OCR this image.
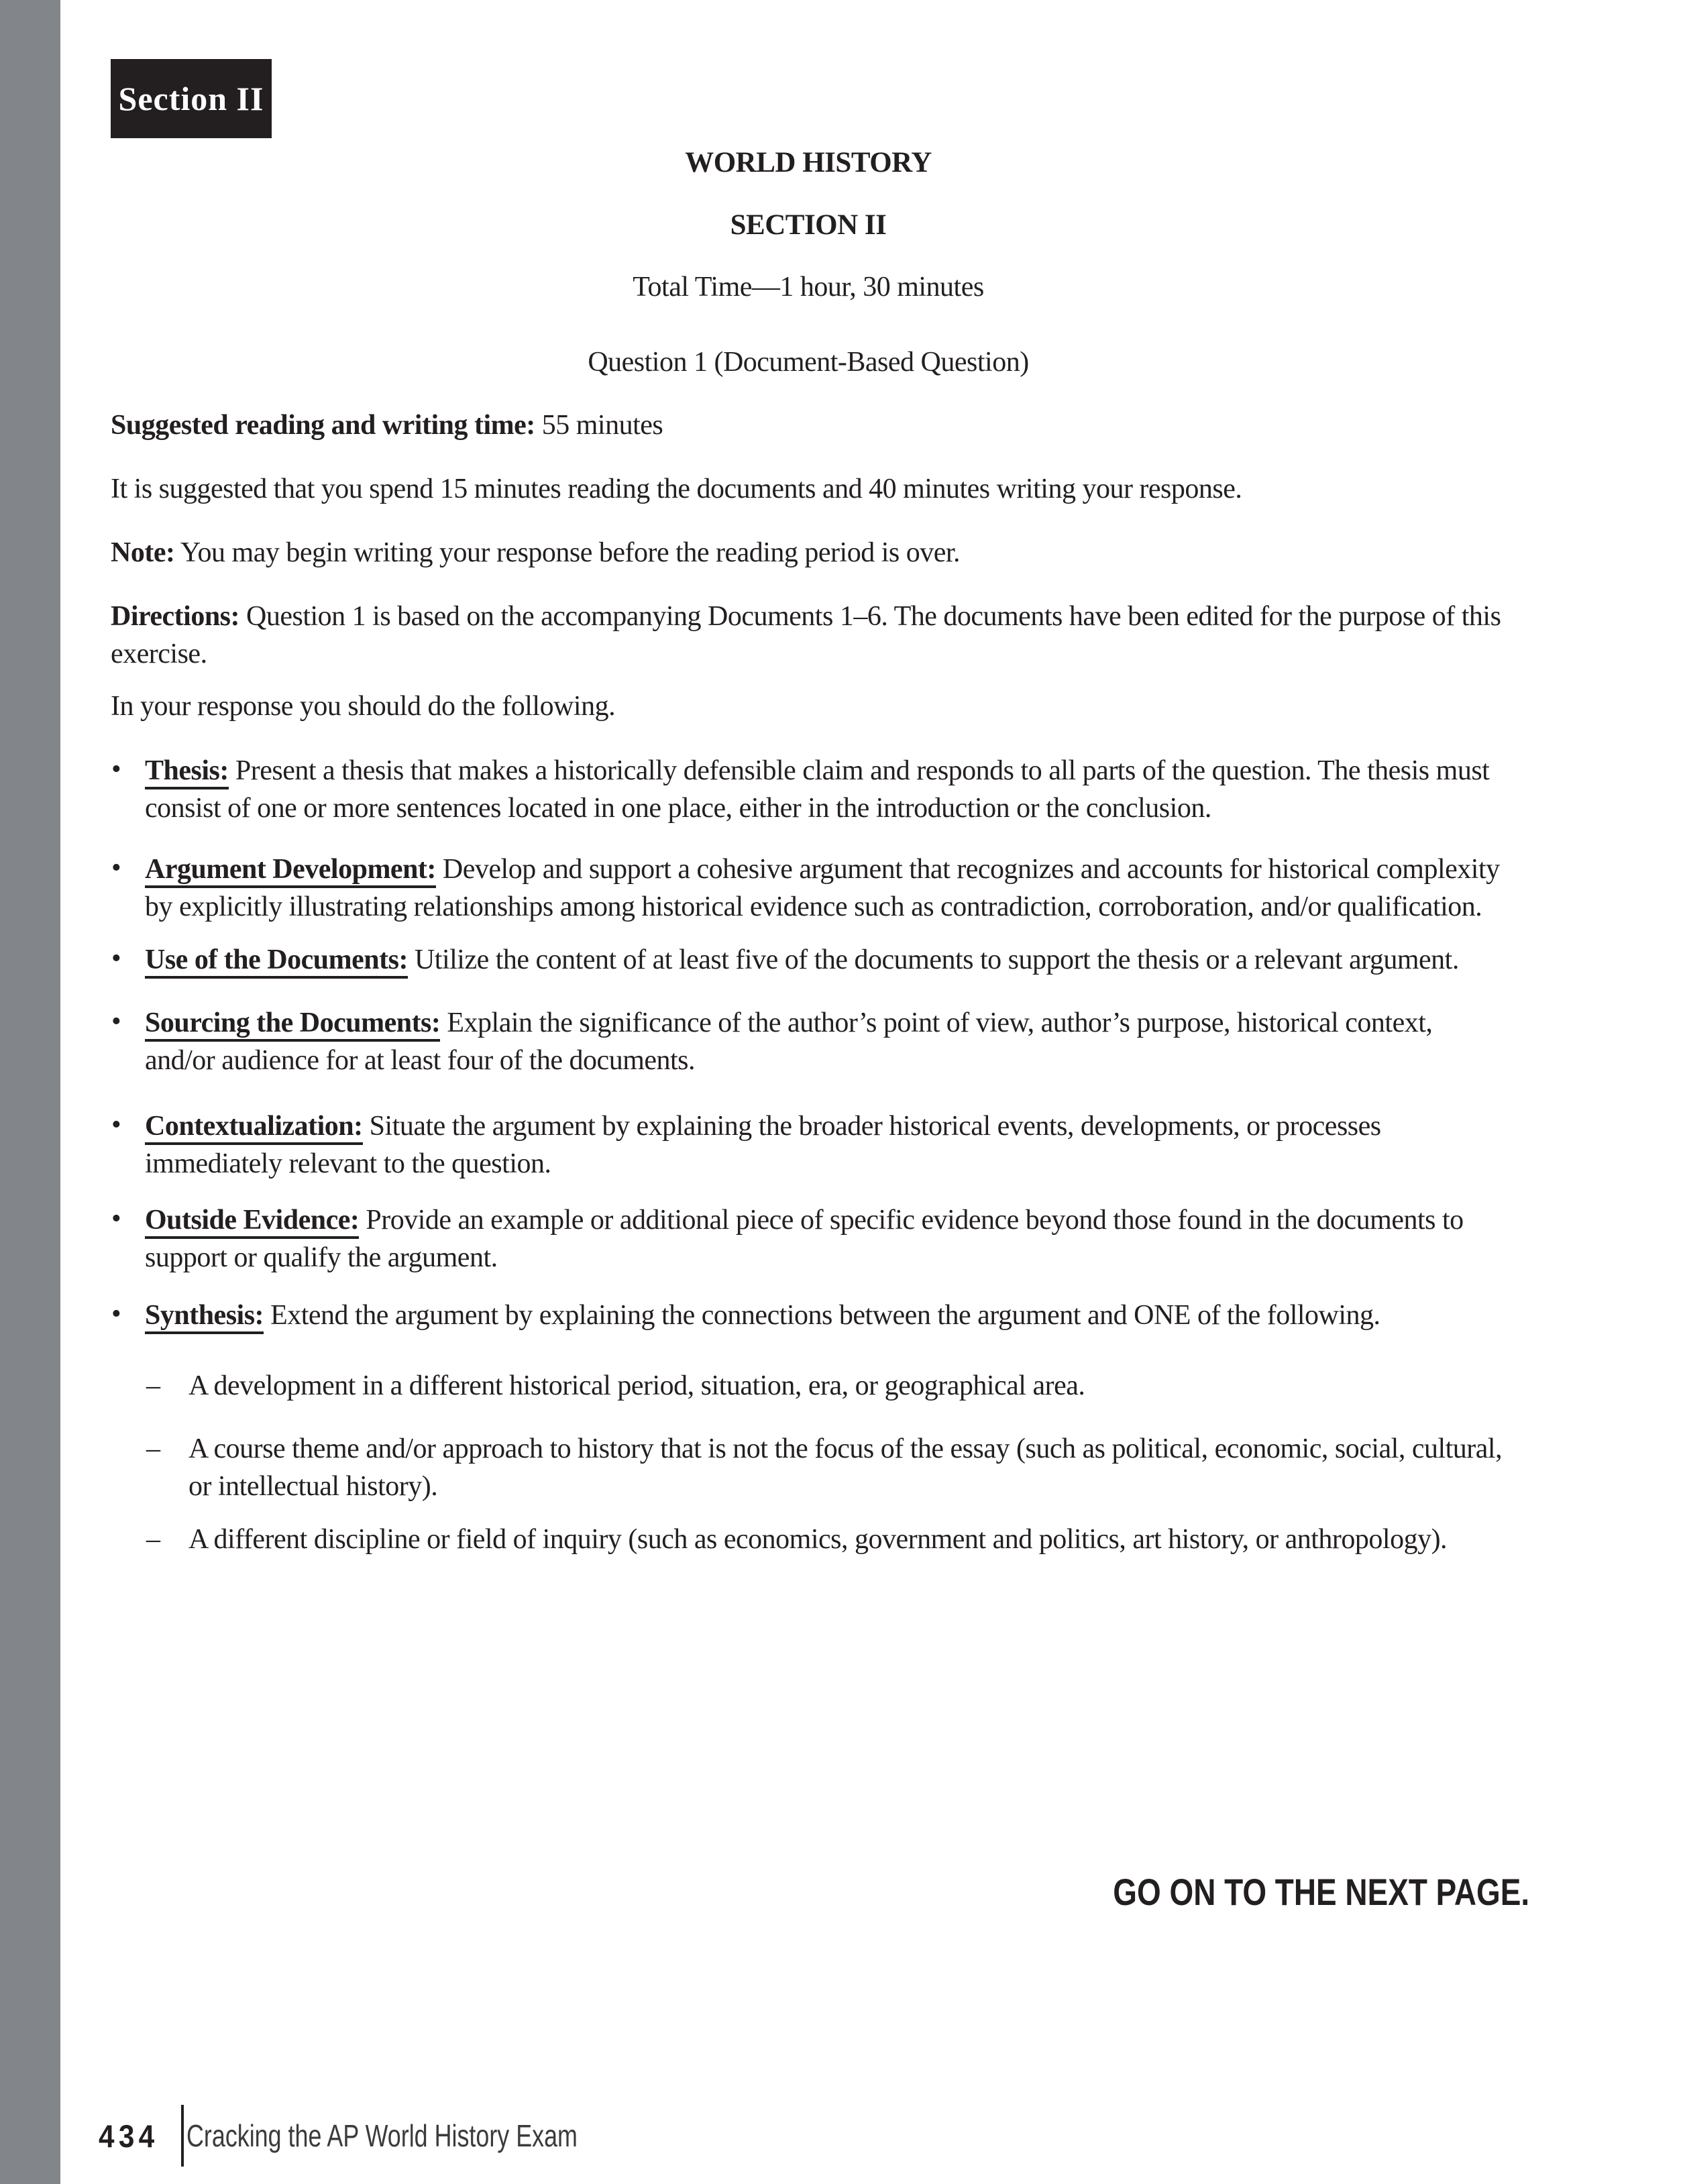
Section II
WORLD HISTORY
SECTION II
Total Time—1 hour, 30 minutes
Question 1 (Document-Based Question)
Suggested reading and writing time: 55 minutes
It is suggested that you spend 15 minutes reading the documents and 40 minutes writing your response.
Note: You may begin writing your response before the reading period is over.
Directions: Question 1 is based on the accompanying Documents 1–6. The documents have been edited for the purpose of this exercise.
In your response you should do the following.
• Thesis: Present a thesis that makes a historically defensible claim and responds to all parts of the question. The thesis must consist of one or more sentences located in one place, either in the introduction or the conclusion.
• Argument Development: Develop and support a cohesive argument that recognizes and accounts for historical complexity by explicitly illustrating relationships among historical evidence such as contradiction, corroboration, and/or qualification.
• Use of the Documents: Utilize the content of at least five of the documents to support the thesis or a relevant argument.
• Sourcing the Documents: Explain the significance of the author’s point of view, author’s purpose, historical context, and/or audience for at least four of the documents.
• Contextualization: Situate the argument by explaining the broader historical events, developments, or processes immediately relevant to the question.
• Outside Evidence: Provide an example or additional piece of specific evidence beyond those found in the documents to support or qualify the argument.
• Synthesis: Extend the argument by explaining the connections between the argument and ONE of the following.
– A development in a different historical period, situation, era, or geographical area.
– A course theme and/or approach to history that is not the focus of the essay (such as political, economic, social, cultural, or intellectual history).
– A different discipline or field of inquiry (such as economics, government and politics, art history, or anthropology).
GO ON TO THE NEXT PAGE.
434 Cracking the AP World History Exam
